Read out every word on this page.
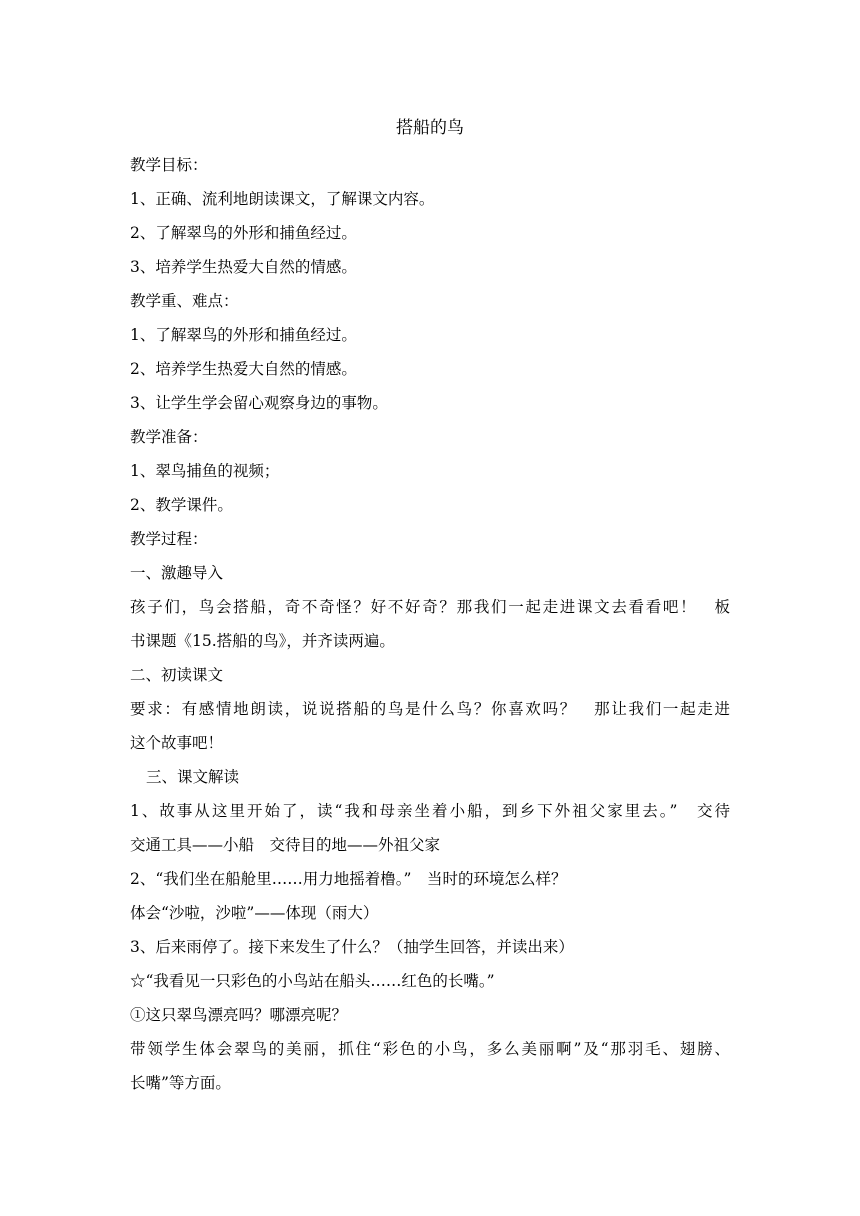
搭船的鸟
教学目标：
1、正确、流利地朗读课文，了解课文内容。
2、了解翠鸟的外形和捕鱼经过。
3、培养学生热爱大自然的情感。
教学重、难点：
1、了解翠鸟的外形和捕鱼经过。
2、培养学生热爱大自然的情感。
3、让学生学会留心观察身边的事物。
教学准备：
1、翠鸟捕鱼的视频；
2、教学课件。
教学过程：
一、激趣导入
孩子们，鸟会搭船，奇不奇怪？好不好奇？那我们一起走进课文去看看吧！　板
书课题《15.搭船的鸟》，并齐读两遍。
二、初读课文
要求：有感情地朗读，说说搭船的鸟是什么鸟？你喜欢吗？　那让我们一起走进
这个故事吧！
三、课文解读
1、故事从这里开始了，读“我和母亲坐着小船，到乡下外祖父家里去。”　交待
交通工具——小船　交待目的地——外祖父家
2、“我们坐在船舱里……用力地摇着橹。”　当时的环境怎么样？
体会“沙啦，沙啦”——体现（雨大）
3、后来雨停了。接下来发生了什么？（抽学生回答，并读出来）
☆“我看见一只彩色的小鸟站在船头……红色的长嘴。”
①这只翠鸟漂亮吗？哪漂亮呢？
带领学生体会翠鸟的美丽，抓住“彩色的小鸟，多么美丽啊”及“那羽毛、翅膀、
长嘴”等方面。
